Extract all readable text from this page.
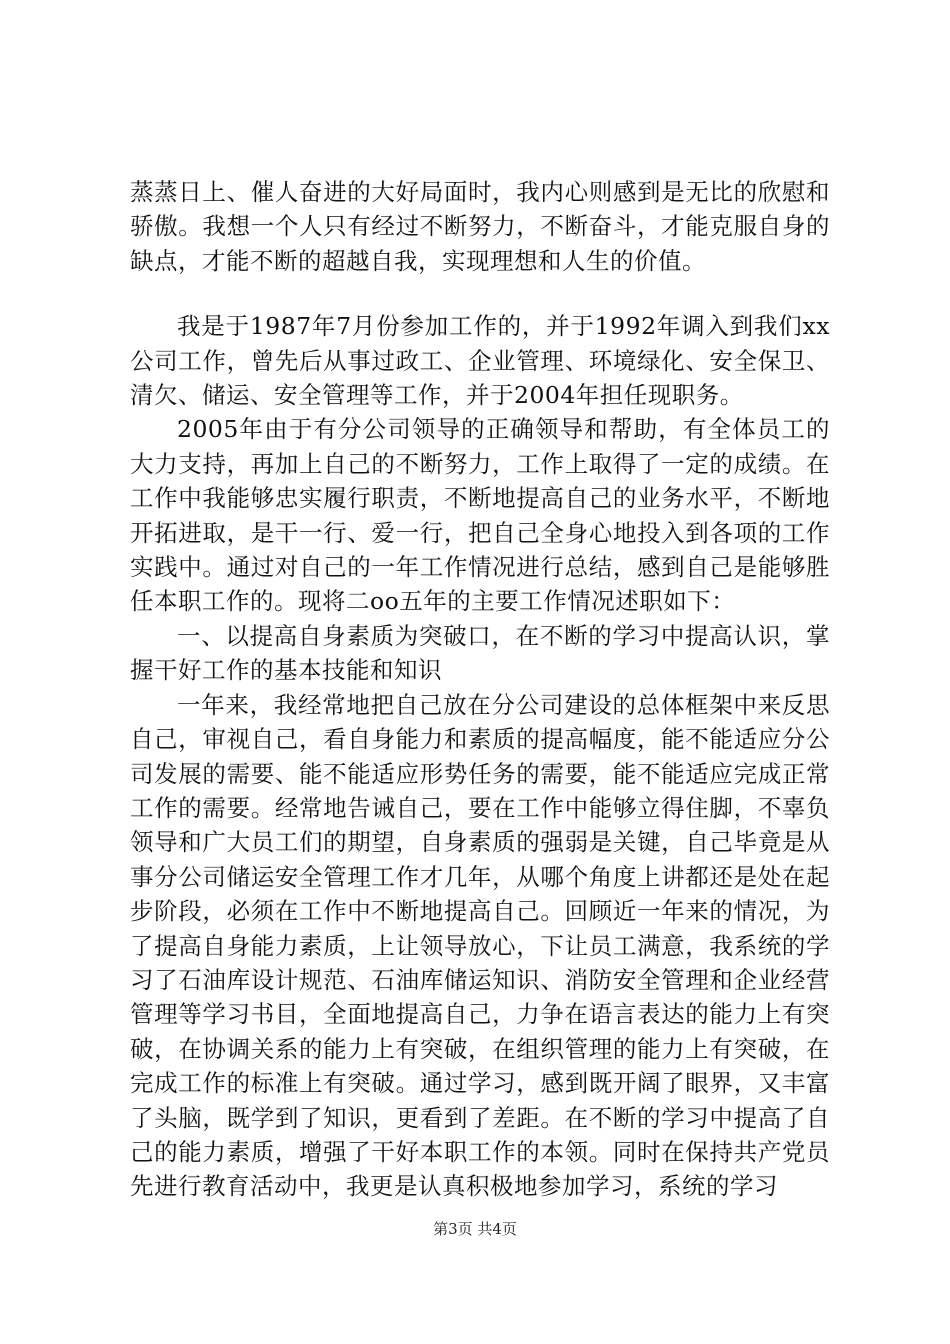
蒸蒸日上、催人奋进的大好局面时，我内心则感到是无比的欣慰和骄傲。我想一个人只有经过不断努力，不断奋斗，才能克服自身的缺点，才能不断的超越自我，实现理想和人生的价值。

我是于1987年7月份参加工作的，并于1992年调入到我们xx公司工作，曾先后从事过政工、企业管理、环境绿化、安全保卫、清欠、储运、安全管理等工作，并于2004年担任现职务。

2005年由于有分公司领导的正确领导和帮助，有全体员工的大力支持，再加上自己的不断努力，工作上取得了一定的成绩。在工作中我能够忠实履行职责，不断地提高自己的业务水平，不断地开拓进取，是干一行、爱一行，把自己全身心地投入到各项的工作实践中。通过对自己的一年工作情况进行总结，感到自己是能够胜任本职工作的。现将二oo五年的主要工作情况述职如下：

一、以提高自身素质为突破口，在不断的学习中提高认识，掌握干好工作的基本技能和知识

一年来，我经常地把自己放在分公司建设的总体框架中来反思自己，审视自己，看自身能力和素质的提高幅度，能不能适应分公司发展的需要、能不能适应形势任务的需要，能不能适应完成正常工作的需要。经常地告诫自己，要在工作中能够立得住脚，不辜负领导和广大员工们的期望，自身素质的强弱是关键，自己毕竟是从事分公司储运安全管理工作才几年，从哪个角度上讲都还是处在起步阶段，必须在工作中不断地提高自己。回顾近一年来的情况，为了提高自身能力素质，上让领导放心，下让员工满意，我系统的学习了石油库设计规范、石油库储运知识、消防安全管理和企业经营管理等学习书目，全面地提高自己，力争在语言表达的能力上有突破，在协调关系的能力上有突破，在组织管理的能力上有突破，在完成工作的标准上有突破。通过学习，感到既开阔了眼界，又丰富了头脑，既学到了知识，更看到了差距。在不断的学习中提高了自己的能力素质，增强了干好本职工作的本领。同时在保持共产党员先进行教育活动中，我更是认真积极地参加学习，系统的学习

第3页 共4页
